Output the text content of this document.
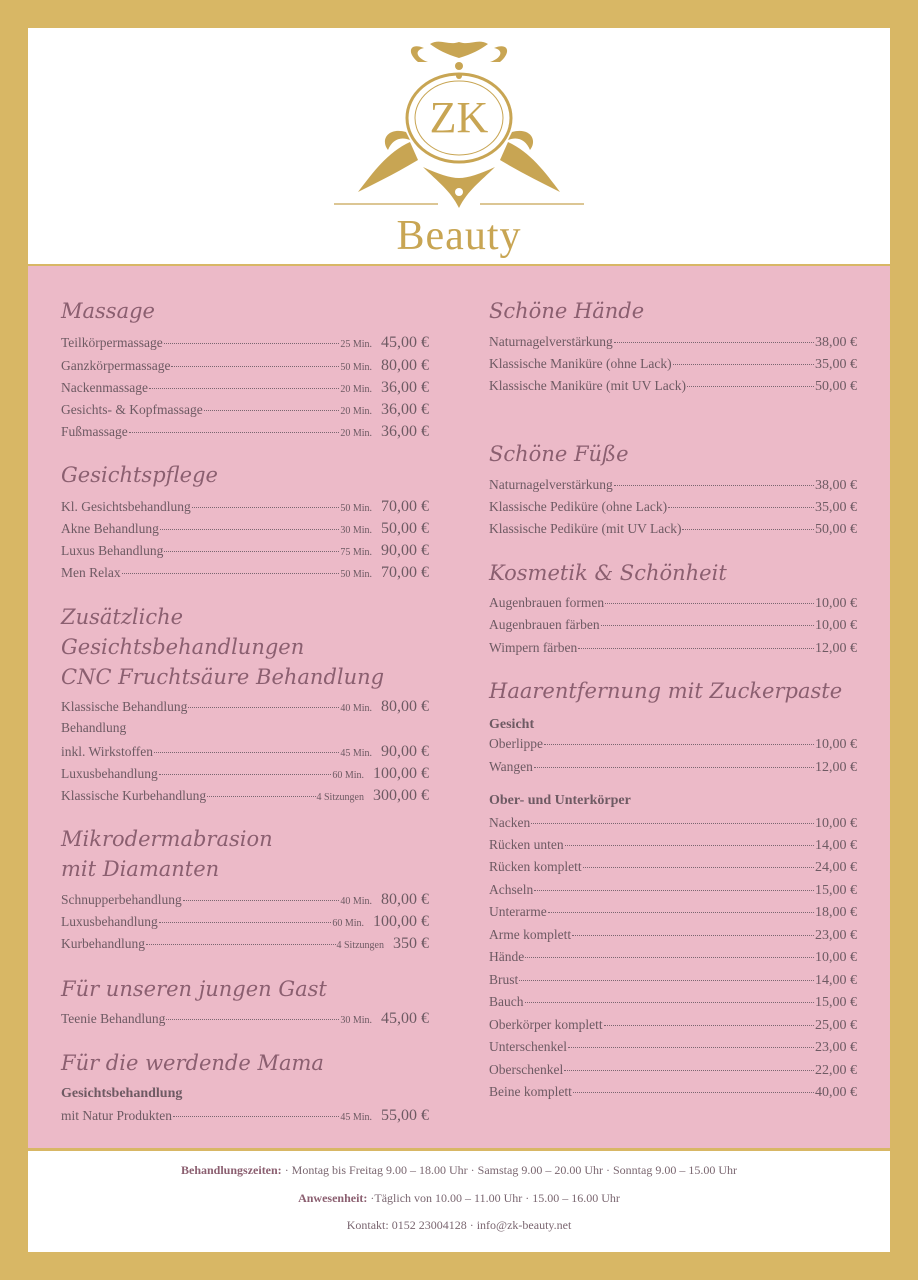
ZK
Beauty
Massage
Teilkörpermassage	25 Min. 45,00 €
Ganzkörpermassage	50 Min. 80,00 €
Nackenmassage	20 Min. 36,00 €
Gesichts- & Kopfmassage	20 Min. 36,00 €
Fußmassage	20 Min. 36,00 €
Gesichtspflege
Kl. Gesichtsbehandlung	50 Min. 70,00 €
Akne Behandlung	30 Min. 50,00 €
Luxus Behandlung	75 Min. 90,00 €
Men Relax	50 Min. 70,00 €
Zusätzliche
Gesichtsbehandlungen
CNC Fruchtsäure Behandlung
Klassische Behandlung	40 Min. 80,00 €
Behandlung
inkl. Wirkstoffen	45 Min. 90,00 €
Luxusbehandlung	60 Min. 100,00 €
Klassische Kurbehandlung	4 Sitzungen 300,00 €
Mikrodermabrasion
mit Diamanten
Schnupperbehandlung	40 Min. 80,00 €
Luxusbehandlung	60 Min. 100,00 €
Kurbehandlung	4 Sitzungen 350 €
Für unseren jungen Gast
Teenie Behandlung	30 Min. 45,00 €
Für die werdende Mama
Gesichtsbehandlung
mit Natur Produkten	45 Min. 55,00 €
Schöne Hände
Naturnagelverstärkung	38,00 €
Klassische Maniküre (ohne Lack)	35,00 €
Klassische Maniküre (mit UV Lack)	50,00 €
Schöne Füße
Naturnagelverstärkung	38,00 €
Klassische Pediküre (ohne Lack)	35,00 €
Klassische Pediküre (mit UV Lack)	50,00 €
Kosmetik & Schönheit
Augenbrauen formen	10,00 €
Augenbrauen färben	10,00 €
Wimpern färben	12,00 €
Haarentfernung mit Zuckerpaste
Gesicht
Oberlippe	10,00 €
Wangen	12,00 €
Ober- und Unterkörper
Nacken	10,00 €
Rücken unten	14,00 €
Rücken komplett	24,00 €
Achseln	15,00 €
Unterarme	18,00 €
Arme komplett	23,00 €
Hände	10,00 €
Brust	14,00 €
Bauch	15,00 €
Oberkörper komplett	25,00 €
Unterschenkel	23,00 €
Oberschenkel	22,00 €
Beine komplett	40,00 €
Behandlungszeiten: · Montag bis Freitag 9.00 – 18.00 Uhr · Samstag 9.00 – 20.00 Uhr · Sonntag 9.00 – 15.00 Uhr
Anwesenheit: ·Täglich von 10.00 – 11.00 Uhr · 15.00 – 16.00 Uhr
Kontakt: 0152 23004128 · info@zk-beauty.net
